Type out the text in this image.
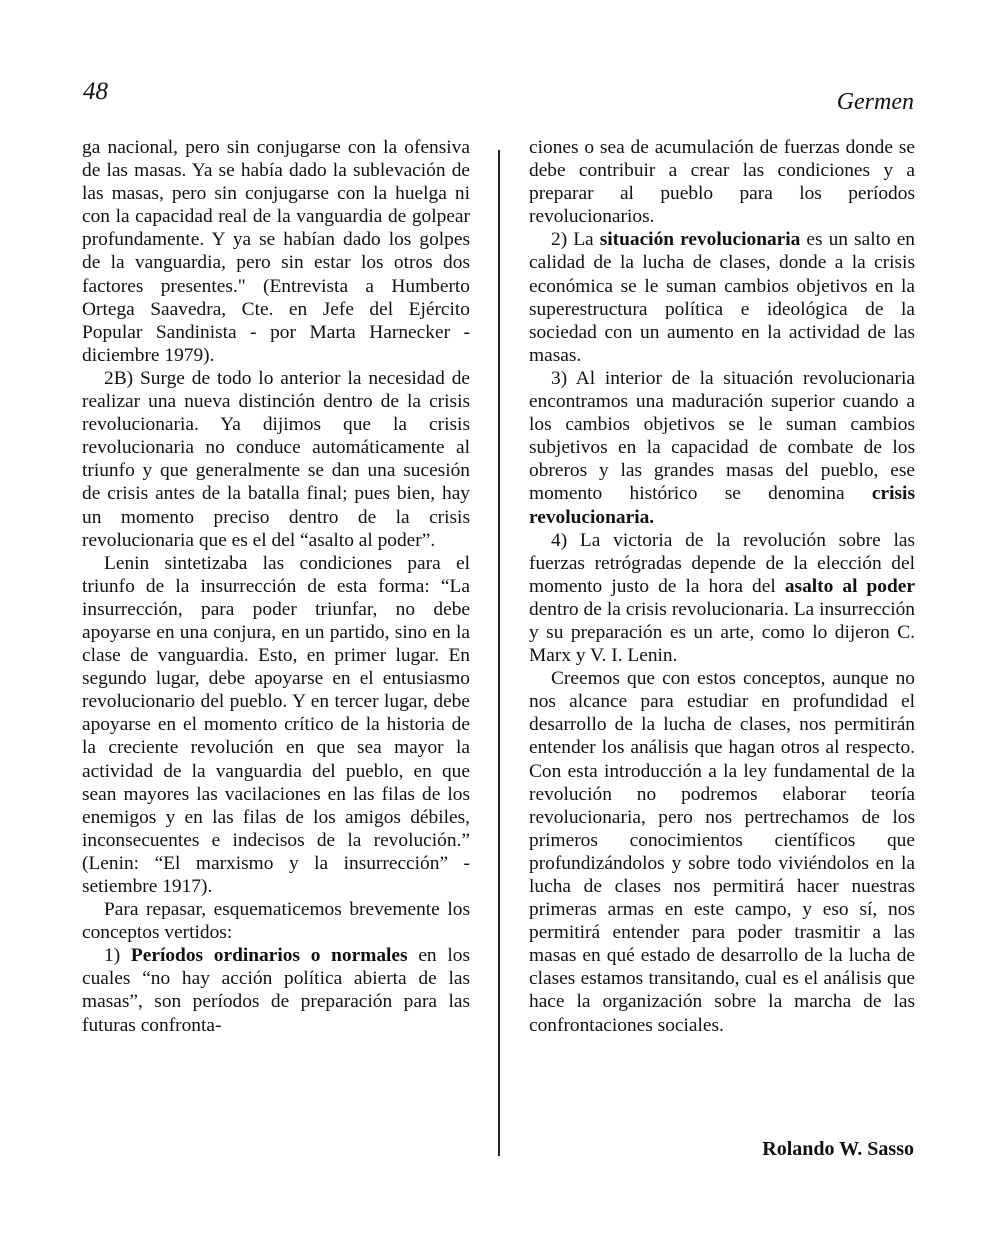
48	Germen

ga nacional, pero sin conjugarse con la ofensiva de las masas. Ya se había dado la sublevación de las masas, pero sin conjugarse con la huelga ni con la capacidad real de la vanguardia de golpear profundamente. Y ya se habían dado los golpes de la vanguardia, pero sin estar los otros dos factores presentes." (Entrevista a Humberto Ortega Saavedra, Cte. en Jefe del Ejército Popular Sandinista - por Marta Harnecker - diciembre 1979).

2B) Surge de todo lo anterior la necesidad de realizar una nueva distinción dentro de la crisis revolucionaria. Ya dijimos que la crisis revolucionaria no conduce automáticamente al triunfo y que generalmente se dan una sucesión de crisis antes de la batalla final; pues bien, hay un momento preciso dentro de la crisis revolucionaria que es el del “asalto al poder”.

Lenin sintetizaba las condiciones para el triunfo de la insurrección de esta forma: “La insurrección, para poder triunfar, no debe apoyarse en una conjura, en un partido, sino en la clase de vanguardia. Esto, en primer lugar. En segundo lugar, debe apoyarse en el entusiasmo revolucionario del pueblo. Y en tercer lugar, debe apoyarse en el momento crítico de la historia de la creciente revolución en que sea mayor la actividad de la vanguardia del pueblo, en que sean mayores las vacilaciones en las filas de los enemigos y en las filas de los amigos débiles, inconsecuentes e indecisos de la revolución.” (Lenin: “El marxismo y la insurrección” - setiembre 1917).

Para repasar, esquematicemos brevemente los conceptos vertidos:

1) Períodos ordinarios o normales en los cuales “no hay acción política abierta de las masas”, son períodos de preparación para las futuras confronta-

ciones o sea de acumulación de fuerzas donde se debe contribuir a crear las condiciones y a preparar al pueblo para los períodos revolucionarios.

2) La situación revolucionaria es un salto en calidad de la lucha de clases, donde a la crisis económica se le suman cambios objetivos en la superestructura política e ideológica de la sociedad con un aumento en la actividad de las masas.

3) Al interior de la situación revolucionaria encontramos una maduración superior cuando a los cambios objetivos se le suman cambios subjetivos en la capacidad de combate de los obreros y las grandes masas del pueblo, ese momento histórico se denomina crisis revolucionaria.

4) La victoria de la revolución sobre las fuerzas retrógradas depende de la elección del momento justo de la hora del asalto al poder dentro de la crisis revolucionaria. La insurrección y su preparación es un arte, como lo dijeron C. Marx y V. I. Lenin.

Creemos que con estos conceptos, aunque no nos alcance para estudiar en profundidad el desarrollo de la lucha de clases, nos permitirán entender los análisis que hagan otros al respecto. Con esta introducción a la ley fundamental de la revolución no podremos elaborar teoría revolucionaria, pero nos pertrechamos de los primeros conocimientos científicos que profundizándolos y sobre todo viviéndolos en la lucha de clases nos permitirá hacer nuestras primeras armas en este campo, y eso sí, nos permitirá entender para poder trasmitir a las masas en qué estado de desarrollo de la lucha de clases estamos transitando, cual es el análisis que hace la organización sobre la marcha de las confrontaciones sociales.

Rolando W. Sasso
